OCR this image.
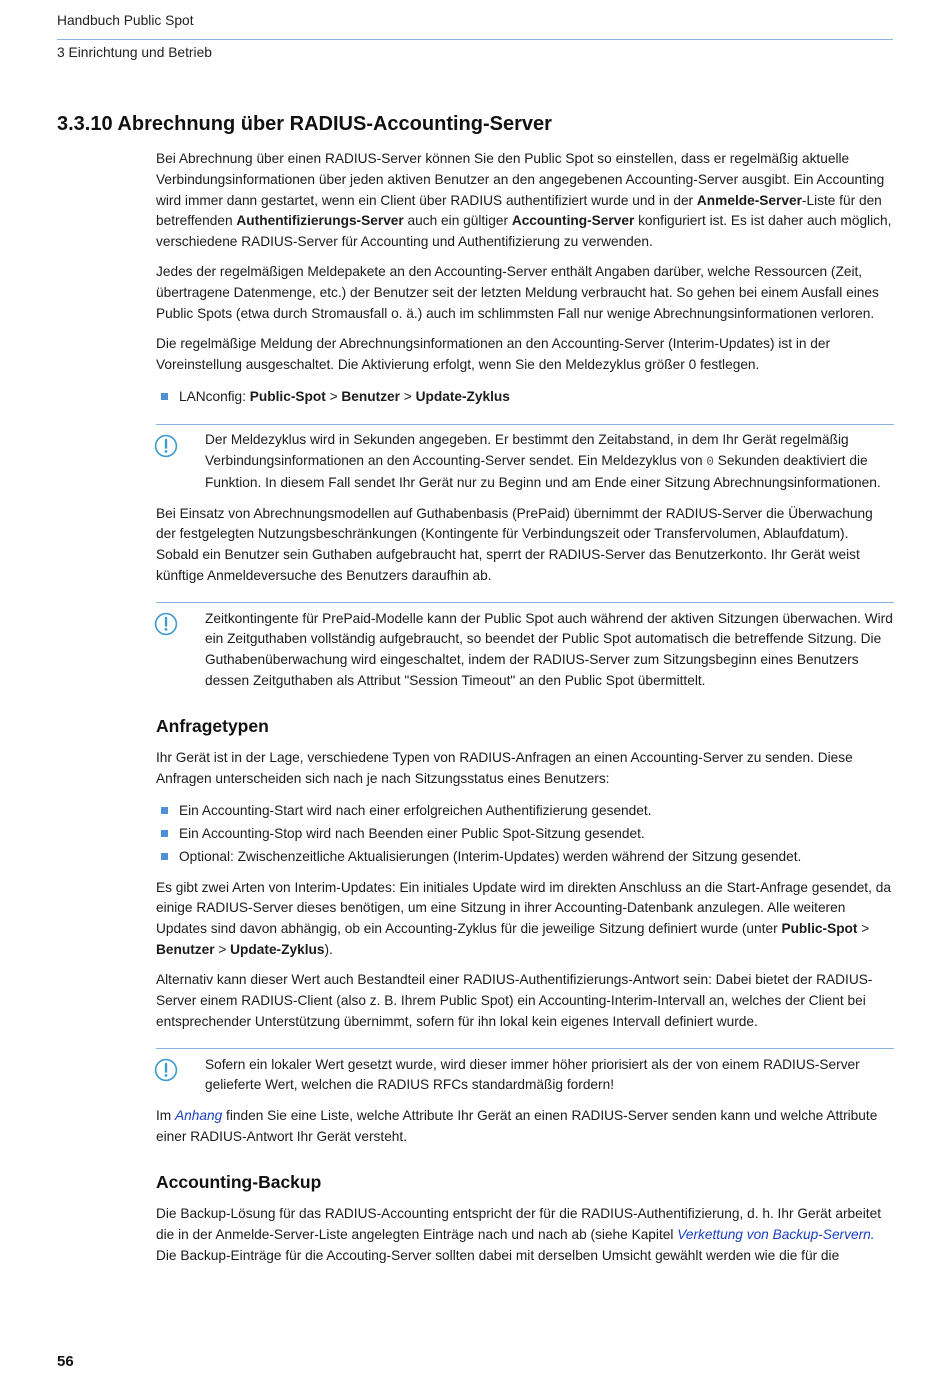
Handbuch Public Spot
3 Einrichtung und Betrieb
3.3.10 Abrechnung über RADIUS-Accounting-Server

Bei Abrechnung über einen RADIUS-Server können Sie den Public Spot so einstellen, dass er regelmäßig aktuelle Verbindungsinformationen über jeden aktiven Benutzer an den angegebenen Accounting-Server ausgibt. Ein Accounting wird immer dann gestartet, wenn ein Client über RADIUS authentifiziert wurde und in der Anmelde-Server-Liste für den betreffenden Authentifizierungs-Server auch ein gültiger Accounting-Server konfiguriert ist. Es ist daher auch möglich, verschiedene RADIUS-Server für Accounting und Authentifizierung zu verwenden.

Jedes der regelmäßigen Meldepakete an den Accounting-Server enthält Angaben darüber, welche Ressourcen (Zeit, übertragene Datenmenge, etc.) der Benutzer seit der letzten Meldung verbraucht hat. So gehen bei einem Ausfall eines Public Spots (etwa durch Stromausfall o. ä.) auch im schlimmsten Fall nur wenige Abrechnungsinformationen verloren.

Die regelmäßige Meldung der Abrechnungsinformationen an den Accounting-Server (Interim-Updates) ist in der Voreinstellung ausgeschaltet. Die Aktivierung erfolgt, wenn Sie den Meldezyklus größer 0 festlegen.

LANconfig: Public-Spot > Benutzer > Update-Zyklus
Der Meldezyklus wird in Sekunden angegeben. Er bestimmt den Zeitabstand, in dem Ihr Gerät regelmäßig Verbindungsinformationen an den Accounting-Server sendet. Ein Meldezyklus von 0 Sekunden deaktiviert die Funktion. In diesem Fall sendet Ihr Gerät nur zu Beginn und am Ende einer Sitzung Abrechnungsinformationen.

Bei Einsatz von Abrechnungsmodellen auf Guthabenbasis (PrePaid) übernimmt der RADIUS-Server die Überwachung der festgelegten Nutzungsbeschränkungen (Kontingente für Verbindungszeit oder Transfervolumen, Ablaufdatum). Sobald ein Benutzer sein Guthaben aufgebraucht hat, sperrt der RADIUS-Server das Benutzerkonto. Ihr Gerät weist künftige Anmeldeversuche des Benutzers daraufhin ab.

Zeitkontingente für PrePaid-Modelle kann der Public Spot auch während der aktiven Sitzungen überwachen. Wird ein Zeitguthaben vollständig aufgebraucht, so beendet der Public Spot automatisch die betreffende Sitzung. Die Guthabenüberwachung wird eingeschaltet, indem der RADIUS-Server zum Sitzungsbeginn eines Benutzers dessen Zeitguthaben als Attribut "Session Timeout" an den Public Spot übermittelt.
Anfragetypen

Ihr Gerät ist in der Lage, verschiedene Typen von RADIUS-Anfragen an einen Accounting-Server zu senden. Diese Anfragen unterscheiden sich nach je nach Sitzungsstatus eines Benutzers:

Ein Accounting-Start wird nach einer erfolgreichen Authentifizierung gesendet.
Ein Accounting-Stop wird nach Beenden einer Public Spot-Sitzung gesendet.
Optional: Zwischenzeitliche Aktualisierungen (Interim-Updates) werden während der Sitzung gesendet.

Es gibt zwei Arten von Interim-Updates: Ein initiales Update wird im direkten Anschluss an die Start-Anfrage gesendet, da einige RADIUS-Server dieses benötigen, um eine Sitzung in ihrer Accounting-Datenbank anzulegen. Alle weiteren Updates sind davon abhängig, ob ein Accounting-Zyklus für die jeweilige Sitzung definiert wurde (unter Public-Spot > Benutzer > Update-Zyklus).

Alternativ kann dieser Wert auch Bestandteil einer RADIUS-Authentifizierungs-Antwort sein: Dabei bietet der RADIUS-Server einem RADIUS-Client (also z. B. Ihrem Public Spot) ein Accounting-Interim-Intervall an, welches der Client bei entsprechender Unterstützung übernimmt, sofern für ihn lokal kein eigenes Intervall definiert wurde.

Sofern ein lokaler Wert gesetzt wurde, wird dieser immer höher priorisiert als der von einem RADIUS-Server gelieferte Wert, welchen die RADIUS RFCs standardmäßig fordern!

Im Anhang finden Sie eine Liste, welche Attribute Ihr Gerät an einen RADIUS-Server senden kann und welche Attribute einer RADIUS-Antwort Ihr Gerät versteht.

Accounting-Backup

Die Backup-Lösung für das RADIUS-Accounting entspricht der für die RADIUS-Authentifizierung, d. h. Ihr Gerät arbeitet die in der Anmelde-Server-Liste angelegten Einträge nach und nach ab (siehe Kapitel Verkettung von Backup-Servern. Die Backup-Einträge für die Accouting-Server sollten dabei mit derselben Umsicht gewählt werden wie die für die

56
